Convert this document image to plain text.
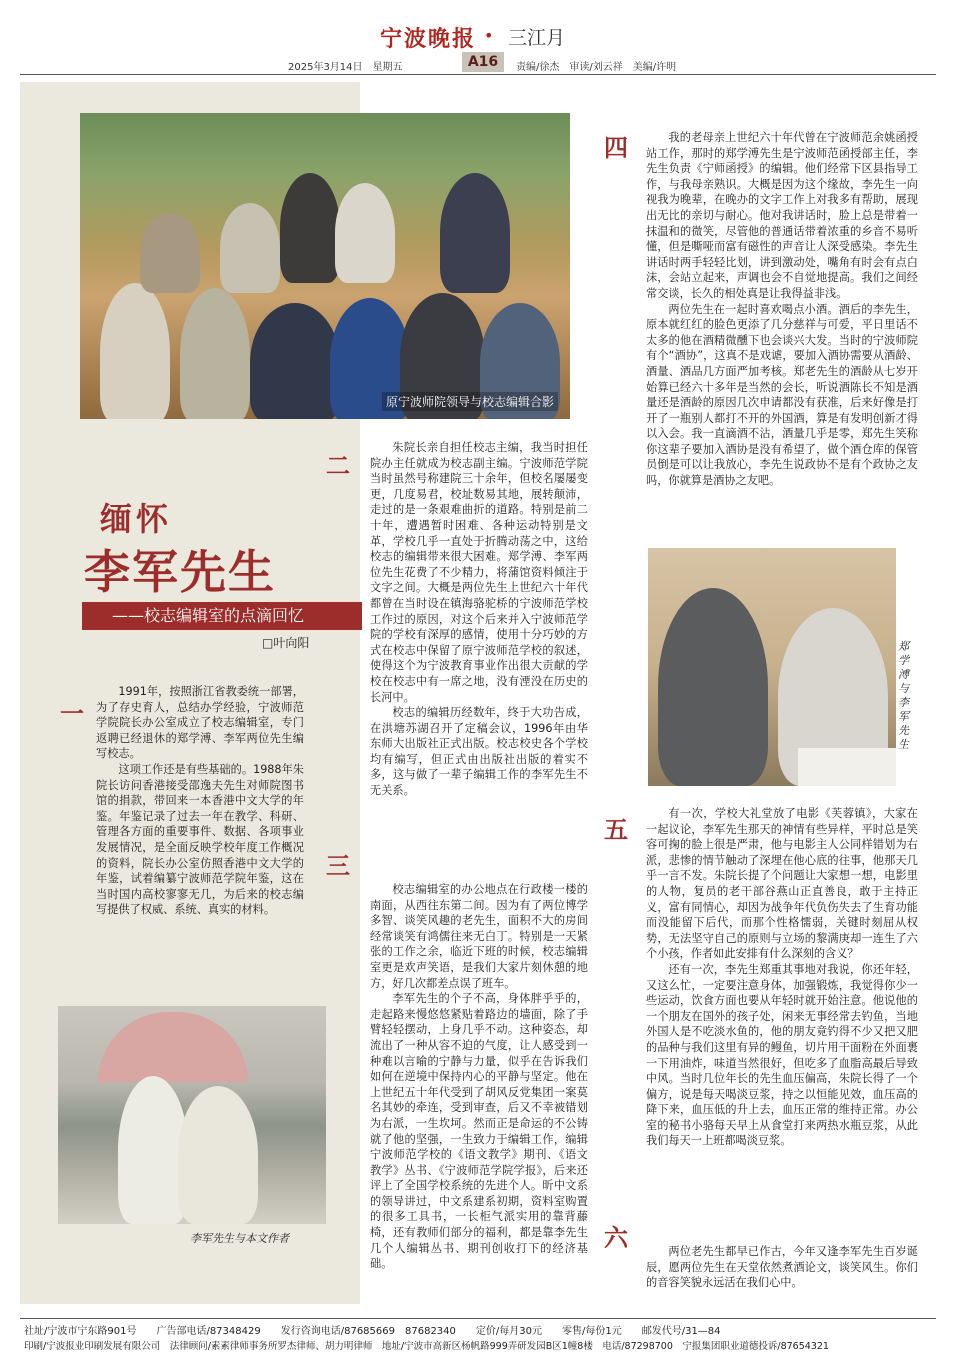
宁波晚报 • 三江月
2025年3月14日　星期五	A16	责编/徐杰　审读/刘云祥　美编/许明
原宁波师院领导与校志编辑合影
缅怀
李军先生
——校志编辑室的点滴回忆
□叶向阳
一

1991年，按照浙江省教委统一部署，为了存史育人，总结办学经验，宁波师范学院院长办公室成立了校志编辑室，专门返聘已经退休的郑学溥、李军两位先生编写校志。

这项工作还是有些基础的。1988年朱院长访问香港接受邵逸夫先生对师院图书馆的捐款，带回来一本香港中文大学的年鉴。年鉴记录了过去一年在教学、科研、管理各方面的重要事件、数据、各项事业发展情况，是全面反映学校年度工作概况的资料，院长办公室仿照香港中文大学的年鉴，试着编纂宁波师范学院年鉴，这在当时国内高校寥寥无几，为后来的校志编写提供了权威、系统、真实的材料。

二

朱院长亲自担任校志主编，我当时担任院办主任就成为校志副主编。宁波师范学院当时虽然号称建院三十余年，但校名屡屡变更，几度易君，校址数易其地，展转颠沛，走过的是一条艰难曲折的道路。特别是前二十年，遭遇暂时困难、各种运动特别是文革，学校几乎一直处于折腾动荡之中，这给校志的编辑带来很大困难。郑学溥、李军两位先生花费了不少精力，将蒲馆资料倾注于文字之间。大概是两位先生上世纪六十年代都曾在当时设在镇海骆驼桥的宁波师范学校工作过的原因，对这个后来并入宁波师范学院的学校有深厚的感情，使用十分巧妙的方式在校志中保留了原宁波师范学校的叙述，使得这个为宁波教育事业作出很大贡献的学校在校志中有一席之地，没有湮没在历史的长河中。

校志的编辑历经数年，终于大功告成，在洪塘苏湖召开了定稿会议，1996年由华东师大出版社正式出版。校志校史各个学校均有编写，但正式由出版社出版的着实不多，这与做了一辈子编辑工作的李军先生不无关系。

三

校志编辑室的办公地点在行政楼一楼的南面，从西往东第二间。因为有了两位博学多智、谈笑风趣的老先生，面积不大的房间经常谈笑有鸿儒往来无白丁。特别是一天紧张的工作之余，临近下班的时候，校志编辑室更是欢声笑语，是我们大家片刻休憩的地方，好几次都差点误了班车。

李军先生的个子不高，身体胖乎乎的，走起路来慢悠悠紧贴着路边的墙面，除了手臂轻轻摆动，上身几乎不动。这种姿态，却流出了一种从容不迫的气度，让人感受到一种难以言喻的宁静与力量，似乎在告诉我们如何在逆境中保持内心的平静与坚定。他在上世纪五十年代受到了胡风反党集团一案莫名其妙的牵连，受到审查，后又不幸被错划为右派，一生坎坷。然而正是命运的不公铸就了他的坚强，一生致力于编辑工作，编辑宁波师范学校的《语文教学》期刊、《语文教学》丛书、《宁波师范学院学报》，后来还评上了全国学校系统的先进个人。昕中文系的领导讲过，中文系建系初期，资料室购置的很多工具书，一长柜气派实用的靠背藤椅，还有教师们部分的福利，都是靠李先生几个人编辑丛书、期刊创收打下的经济基础。

李军先生与本文作者
四	我的老母亲上世纪六十年代曾在宁波师范余姚函授站工作，那时的郑学溥先生是宁波师范函授部主任，李先生负责《宁师函授》的编辑。他们经常下区县指导工作，与我母亲熟识。大概是因为这个缘故，李先生一向视我为晚辈，在晚办的文字工作上对我多有帮助，展现出无比的亲切与耐心。他对我讲话时，脸上总是带着一抹温和的微笑，尽管他的普通话带着浓重的乡音不易听懂，但是嘶哑而富有磁性的声音让人深受感染。李先生讲话时两手轻轻比划，讲到激动处，嘴角有时会有点白沫，会站立起来，声调也会不自觉地提高。我们之间经常交谈，长久的相处真是让我得益非浅。

两位先生在一起时喜欢喝点小酒。酒后的李先生，原本就红红的脸色更添了几分慈祥与可爱，平日里话不太多的他在酒精微醺下也会谈兴大发。当时的宁波师院有个“酒协”，这真不是戏谑，要加入酒协需要从酒龄、酒量、酒品几方面严加考核。郑老先生的酒龄从七岁开始算已经六十多年是当然的会长，听说酒陈长不知是酒量还是酒龄的原因几次申请都没有获准，后来好像是打开了一瓶别人都打不开的外国酒，算是有发明创新才得以入会。我一直滴酒不沾，酒量几乎是零，郑先生笑称你这辈子要加入酒协是没有希望了，做个酒仓库的保管员倒是可以让我放心，李先生说政协不是有个政协之友吗，你就算是酒协之友吧。

郑学溥与李军先生
五

有一次，学校大礼堂放了电影《芙蓉镇》，大家在一起议论，李军先生那天的神情有些异样，平时总是笑容可掬的脸上很是严肃，他与电影主人公同样错划为右派，悲惨的情节触动了深埋在他心底的往事，他那天几乎一言不发。朱院长提了个问题让大家想一想，电影里的人物，复员的老干部谷燕山正直善良，敢于主持正义，富有同情心，却因为战争年代负伤失去了生育功能而没能留下后代，而那个性格懦弱，关键时刻屈从权势，无法坚守自己的原则与立场的黎满庚却一连生了六个小孩，作者如此安排有什么深刻的含义？

还有一次，李先生郑重其事地对我说，你还年轻，又这么忙，一定要注意身体，加强锻炼，我觉得你少一些运动，饮食方面也要从年轻时就开始注意。他说他的一个朋友在国外的孩子处，闲来无事经常去钓鱼，当地外国人是不吃淡水鱼的，他的朋友竟钓得不少又把又肥的品种与我们这里有异的鳗鱼，切片用干面粉在外面裹一下用油炸，味道当然很好，但吃多了血脂高最后导致中风。当时几位年长的先生血压偏高，朱院长得了一个偏方，说是每天喝淡豆浆，持之以恒能见效，血压高的降下来，血压低的升上去，血压正常的维持正常。办公室的秘书小骆每天早上从食堂打来两热水瓶豆浆，从此我们每天一上班都喝淡豆浆。

六	两位老先生都早已作古，今年又逢李军先生百岁诞辰，愿两位先生在天堂依然煮酒论文，谈笑风生。你们的音容笑貌永远活在我们心中。

社址/宁波市宁东路901号　　广告部电话/87348429　　发行咨询电话/87685669　87682340　　定价/每月30元　　零售/每份1元　　邮发代号/31—84
印刷/宁波报业印刷发展有限公司　法律顾问/素素律师事务所罗杰律师、胡力明律师　地址/宁波市高新区杨帆路999弄研发园B区1幢8楼　电话/87298700　宁报集团职业道德投诉/87654321
